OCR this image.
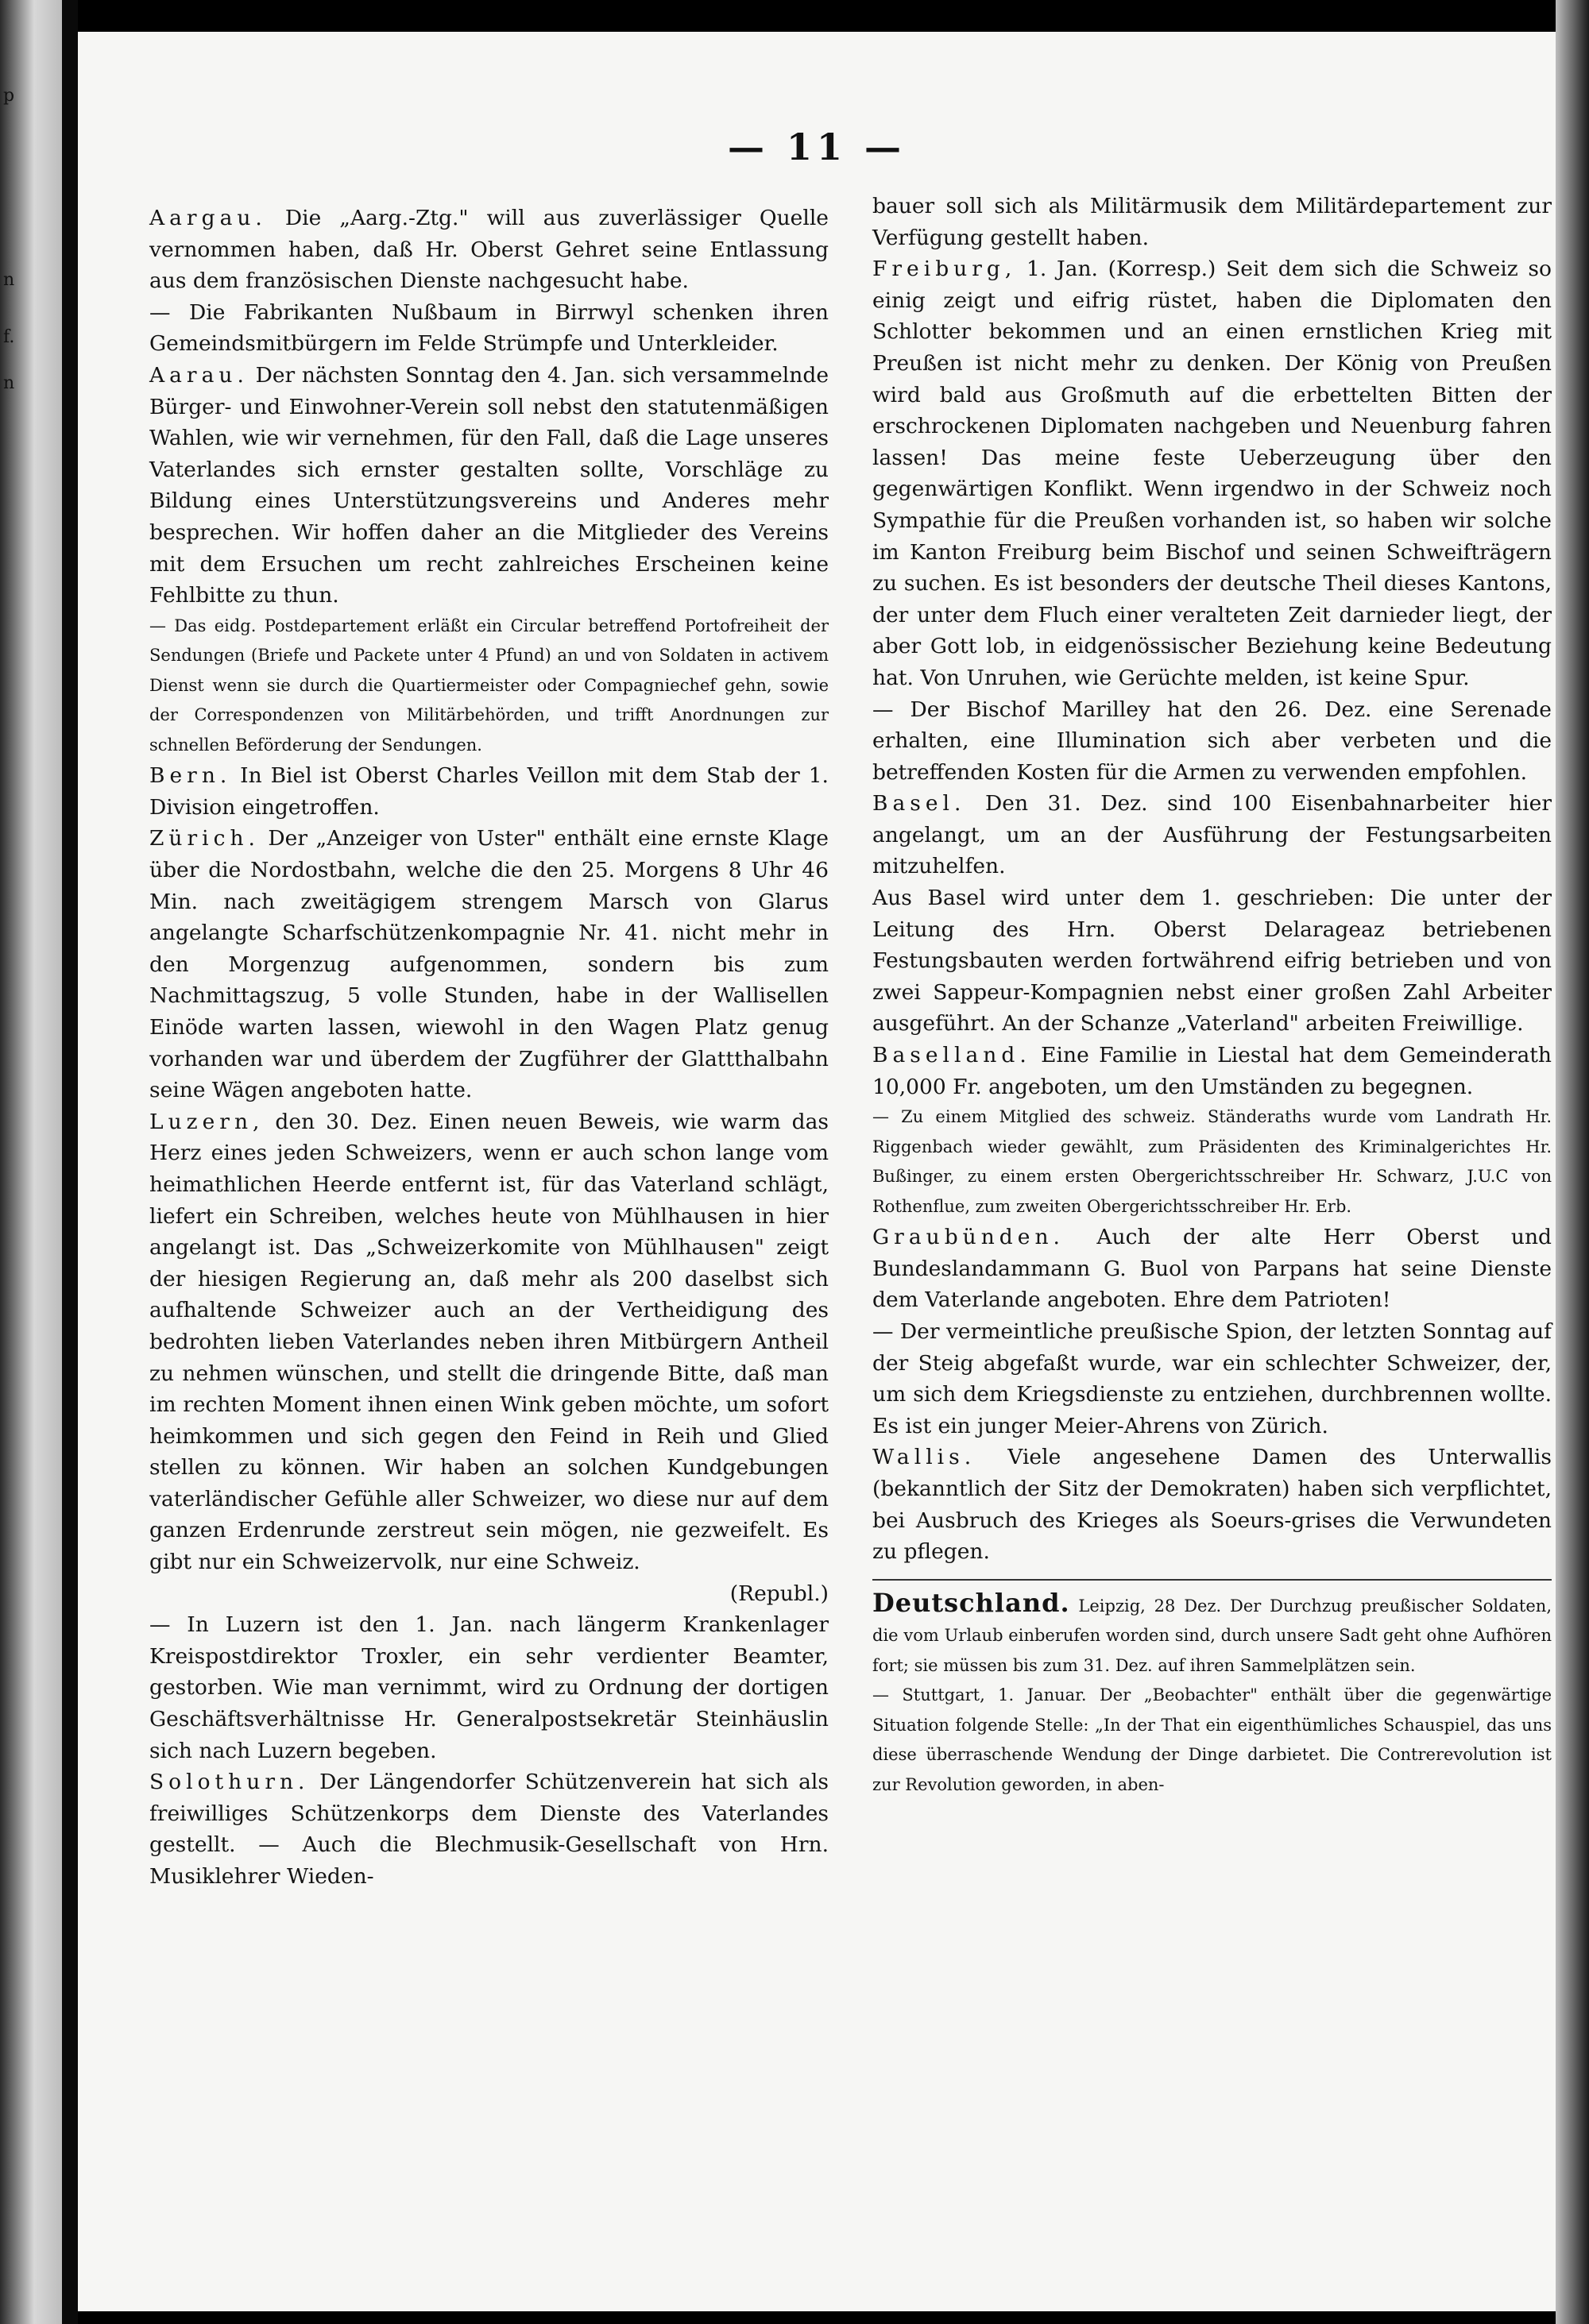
p
n
f.
n
— 11 —

Aargau. Die „Aarg.-Ztg." will aus zuverlässiger Quelle vernommen haben, daß Hr. Oberst Gehret seine Entlassung aus dem französischen Dienste nachgesucht habe.

— Die Fabrikanten Nußbaum in Birrwyl schenken ihren Gemeindsmitbürgern im Felde Strümpfe und Unterkleider.

Aarau. Der nächsten Sonntag den 4. Jan. sich versammelnde Bürger- und Einwohner-Verein soll nebst den statutenmäßigen Wahlen, wie wir vernehmen, für den Fall, daß die Lage unseres Vaterlandes sich ernster gestalten sollte, Vorschläge zu Bildung eines Unterstützungsvereins und Anderes mehr besprechen. Wir hoffen daher an die Mitglieder des Vereins mit dem Ersuchen um recht zahlreiches Erscheinen keine Fehlbitte zu thun.

— Das eidg. Postdepartement erläßt ein Circular betreffend Portofreiheit der Sendungen (Briefe und Packete unter 4 Pfund) an und von Soldaten in activem Dienst wenn sie durch die Quartiermeister oder Compagniechef gehn, sowie der Correspondenzen von Militärbehörden, und trifft Anordnungen zur schnellen Beförderung der Sendungen.

Bern. In Biel ist Oberst Charles Veillon mit dem Stab der 1. Division eingetroffen.

Zürich. Der „Anzeiger von Uster" enthält eine ernste Klage über die Nordostbahn, welche die den 25. Morgens 8 Uhr 46 Min. nach zweitägigem strengem Marsch von Glarus angelangte Scharfschützenkompagnie Nr. 41. nicht mehr in den Morgenzug aufgenommen, sondern bis zum Nachmittagszug, 5 volle Stunden, habe in der Wallisellen Einöde warten lassen, wiewohl in den Wagen Platz genug vorhanden war und überdem der Zugführer der Glattthalbahn seine Wägen angeboten hatte.

Luzern, den 30. Dez. Einen neuen Beweis, wie warm das Herz eines jeden Schweizers, wenn er auch schon lange vom heimathlichen Heerde entfernt ist, für das Vaterland schlägt, liefert ein Schreiben, welches heute von Mühlhausen in hier angelangt ist. Das „Schweizerkomite von Mühlhausen" zeigt der hiesigen Regierung an, daß mehr als 200 daselbst sich aufhaltende Schweizer auch an der Vertheidigung des bedrohten lieben Vaterlandes neben ihren Mitbürgern Antheil zu nehmen wünschen, und stellt die dringende Bitte, daß man im rechten Moment ihnen einen Wink geben möchte, um sofort heimkommen und sich gegen den Feind in Reih und Glied stellen zu können. Wir haben an solchen Kundgebungen vaterländischer Gefühle aller Schweizer, wo diese nur auf dem ganzen Erdenrunde zerstreut sein mögen, nie gezweifelt. Es gibt nur ein Schweizervolk, nur eine Schweiz.

(Republ.)

— In Luzern ist den 1. Jan. nach längerm Krankenlager Kreispostdirektor Troxler, ein sehr verdienter Beamter, gestorben. Wie man vernimmt, wird zu Ordnung der dortigen Geschäftsverhältnisse Hr. Generalpostsekretär Steinhäuslin sich nach Luzern begeben.

Solothurn. Der Längendorfer Schützenverein hat sich als freiwilliges Schützenkorps dem Dienste des Vaterlandes gestellt. — Auch die Blechmusik-Gesellschaft von Hrn. Musiklehrer Wieden-

bauer soll sich als Militärmusik dem Militärdepartement zur Verfügung gestellt haben.

Freiburg, 1. Jan. (Korresp.) Seit dem sich die Schweiz so einig zeigt und eifrig rüstet, haben die Diplomaten den Schlotter bekommen und an einen ernstlichen Krieg mit Preußen ist nicht mehr zu denken. Der König von Preußen wird bald aus Großmuth auf die erbettelten Bitten der erschrockenen Diplomaten nachgeben und Neuenburg fahren lassen! Das meine feste Ueberzeugung über den gegenwärtigen Konflikt. Wenn irgendwo in der Schweiz noch Sympathie für die Preußen vorhanden ist, so haben wir solche im Kanton Freiburg beim Bischof und seinen Schweifträgern zu suchen. Es ist besonders der deutsche Theil dieses Kantons, der unter dem Fluch einer veralteten Zeit darnieder liegt, der aber Gott lob, in eidgenössischer Beziehung keine Bedeutung hat. Von Unruhen, wie Gerüchte melden, ist keine Spur.

— Der Bischof Marilley hat den 26. Dez. eine Serenade erhalten, eine Illumination sich aber verbeten und die betreffenden Kosten für die Armen zu verwenden empfohlen.

Basel. Den 31. Dez. sind 100 Eisenbahnarbeiter hier angelangt, um an der Ausführung der Festungsarbeiten mitzuhelfen.

Aus Basel wird unter dem 1. geschrieben: Die unter der Leitung des Hrn. Oberst Delarageaz betriebenen Festungsbauten werden fortwährend eifrig betrieben und von zwei Sappeur-Kompagnien nebst einer großen Zahl Arbeiter ausgeführt. An der Schanze „Vaterland" arbeiten Freiwillige.

Baselland. Eine Familie in Liestal hat dem Gemeinderath 10,000 Fr. angeboten, um den Umständen zu begegnen.

— Zu einem Mitglied des schweiz. Ständeraths wurde vom Landrath Hr. Riggenbach wieder gewählt, zum Präsidenten des Kriminalgerichtes Hr. Bußinger, zu einem ersten Obergerichtsschreiber Hr. Schwarz, J.U.C von Rothenflue, zum zweiten Obergerichtsschreiber Hr. Erb.

Graubünden. Auch der alte Herr Oberst und Bundeslandammann G. Buol von Parpans hat seine Dienste dem Vaterlande angeboten. Ehre dem Patrioten!

— Der vermeintliche preußische Spion, der letzten Sonntag auf der Steig abgefaßt wurde, war ein schlechter Schweizer, der, um sich dem Kriegsdienste zu entziehen, durchbrennen wollte. Es ist ein junger Meier-Ahrens von Zürich.

Wallis. Viele angesehene Damen des Unterwallis (bekanntlich der Sitz der Demokraten) haben sich verpflichtet, bei Ausbruch des Krieges als Soeurs-grises die Verwundeten zu pflegen.

Deutschland. Leipzig, 28 Dez. Der Durchzug preußischer Soldaten, die vom Urlaub einberufen worden sind, durch unsere Sadt geht ohne Aufhören fort; sie müssen bis zum 31. Dez. auf ihren Sammelplätzen sein.

— Stuttgart, 1. Januar. Der „Beobachter" enthält über die gegenwärtige Situation folgende Stelle: „In der That ein eigenthümliches Schauspiel, das uns diese überraschende Wendung der Dinge darbietet. Die Contrerevolution ist zur Revolution geworden, in aben-
